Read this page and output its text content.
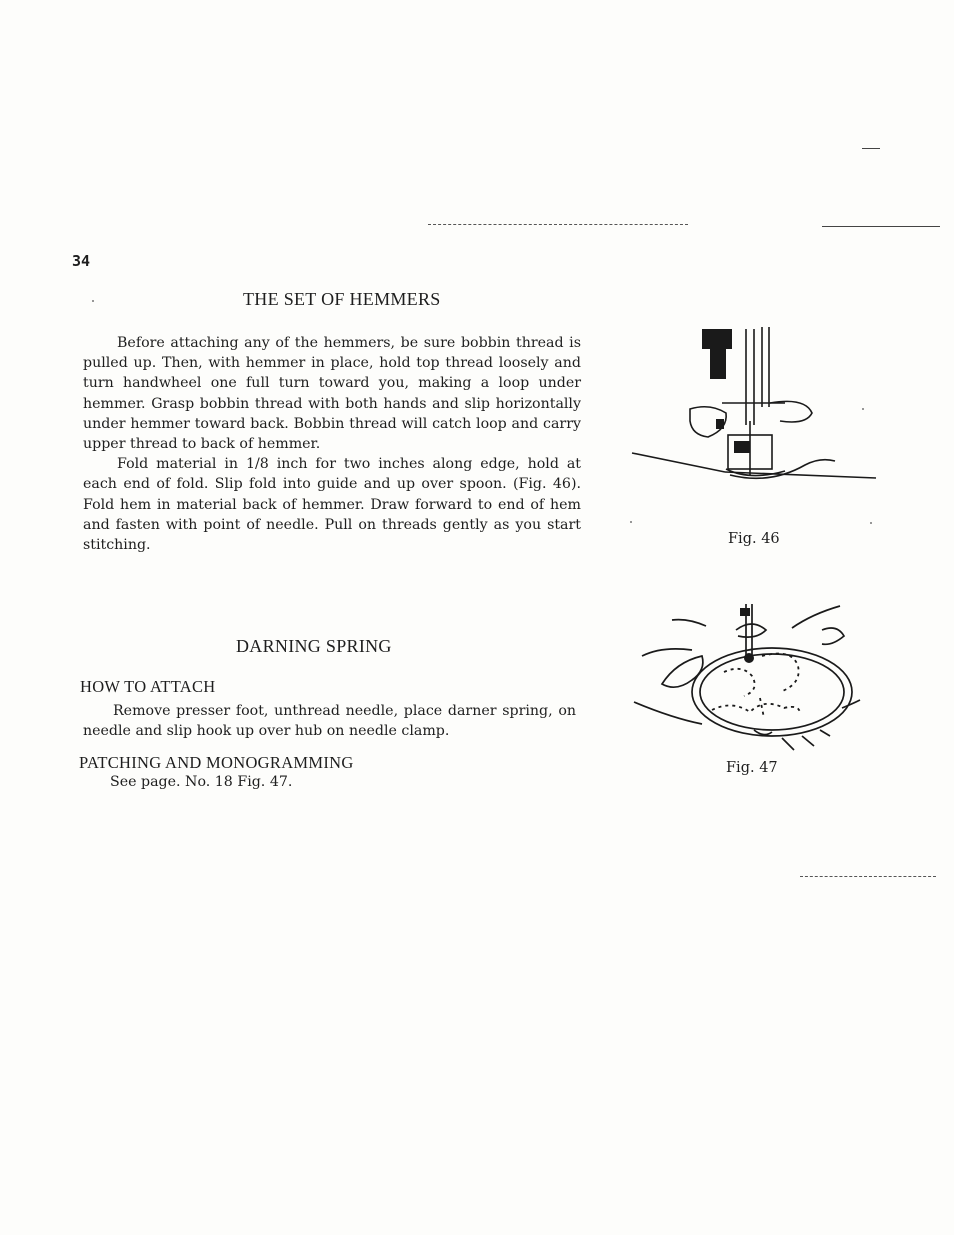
34
THE SET OF HEMMERS

Before attaching any of the hemmers, be sure bobbin thread is pulled up. Then, with hemmer in place, hold top thread loosely and turn handwheel one full turn toward you, making a loop under hemmer. Grasp bobbin thread with both hands and slip horizontally under hemmer toward back. Bobbin thread will catch loop and carry upper thread to back of hemmer.

Fold material in 1/8 inch for two inches along edge, hold at each end of fold. Slip fold into guide and up over spoon. (Fig. 46). Fold hem in material back of hemmer. Draw forward to end of hem and fasten with point of needle. Pull on threads gently as you start stitching.	Fig. 46
DARNING SPRING
HOW TO ATTACH

Remove presser foot, unthread needle, place darner spring, on needle and slip hook up over hub on needle clamp.

PATCHING AND MONOGRAMMING
See page. No. 18 Fig. 47.
Fig. 47
